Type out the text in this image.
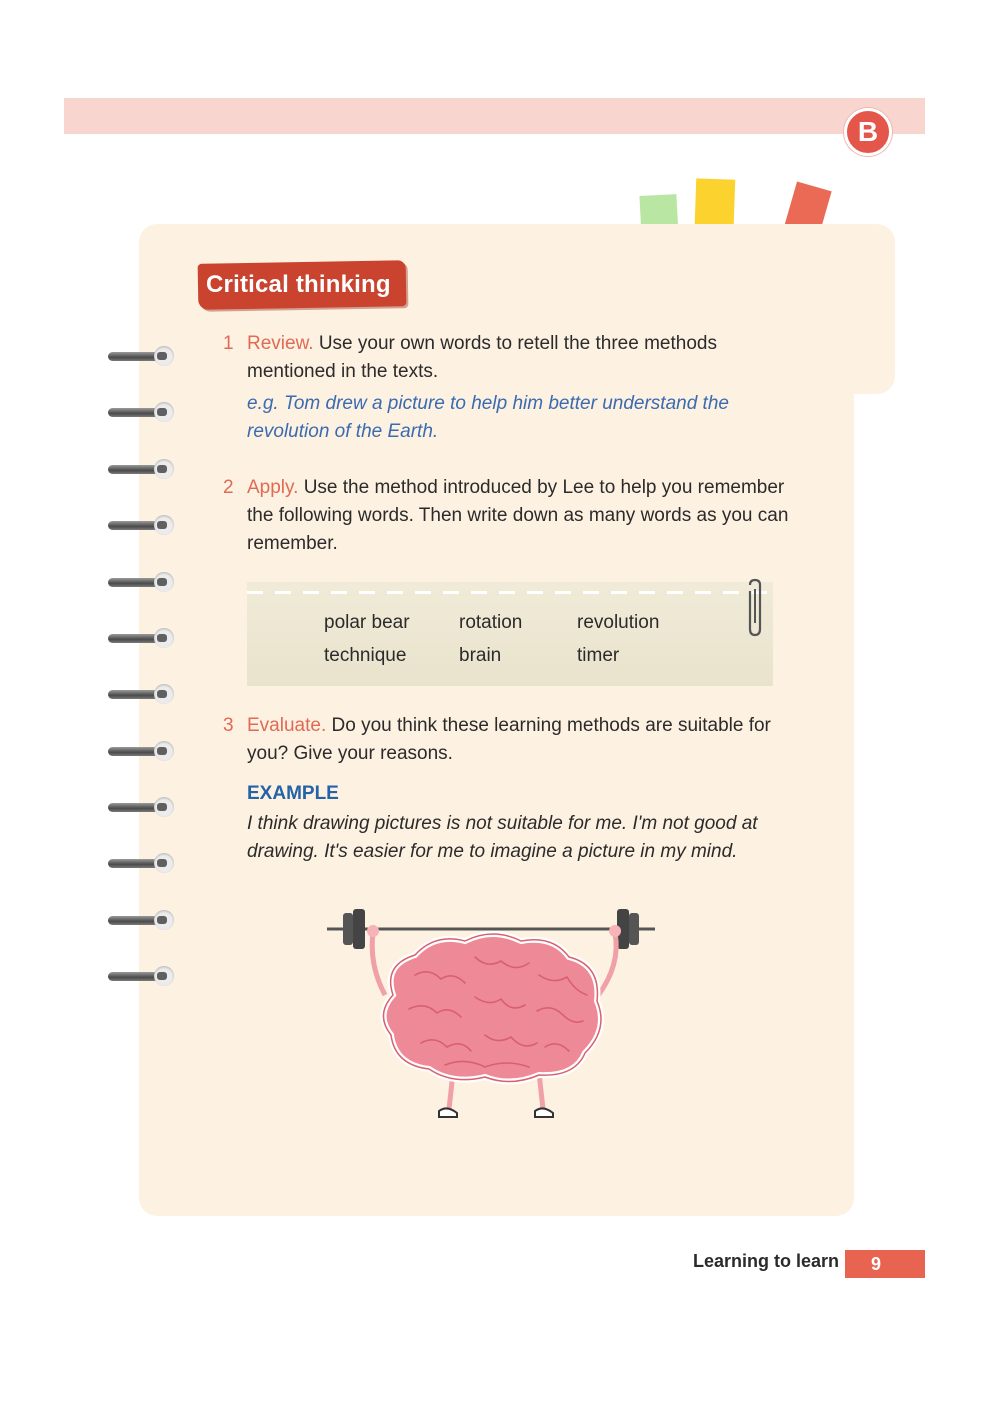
B
Critical thinking
1 Review. Use your own words to retell the three methods mentioned in the texts.
e.g. Tom drew a picture to help him better understand the revolution of the Earth.
2 Apply. Use the method introduced by Lee to help you remember the following words. Then write down as many words as you can remember.
polar bear	rotation	revolution
technique	brain	timer
3 Evaluate. Do you think these learning methods are suitable for you? Give your reasons.
EXAMPLE
I think drawing pictures is not suitable for me. I'm not good at drawing. It's easier for me to imagine a picture in my mind.
Learning to learn	9
